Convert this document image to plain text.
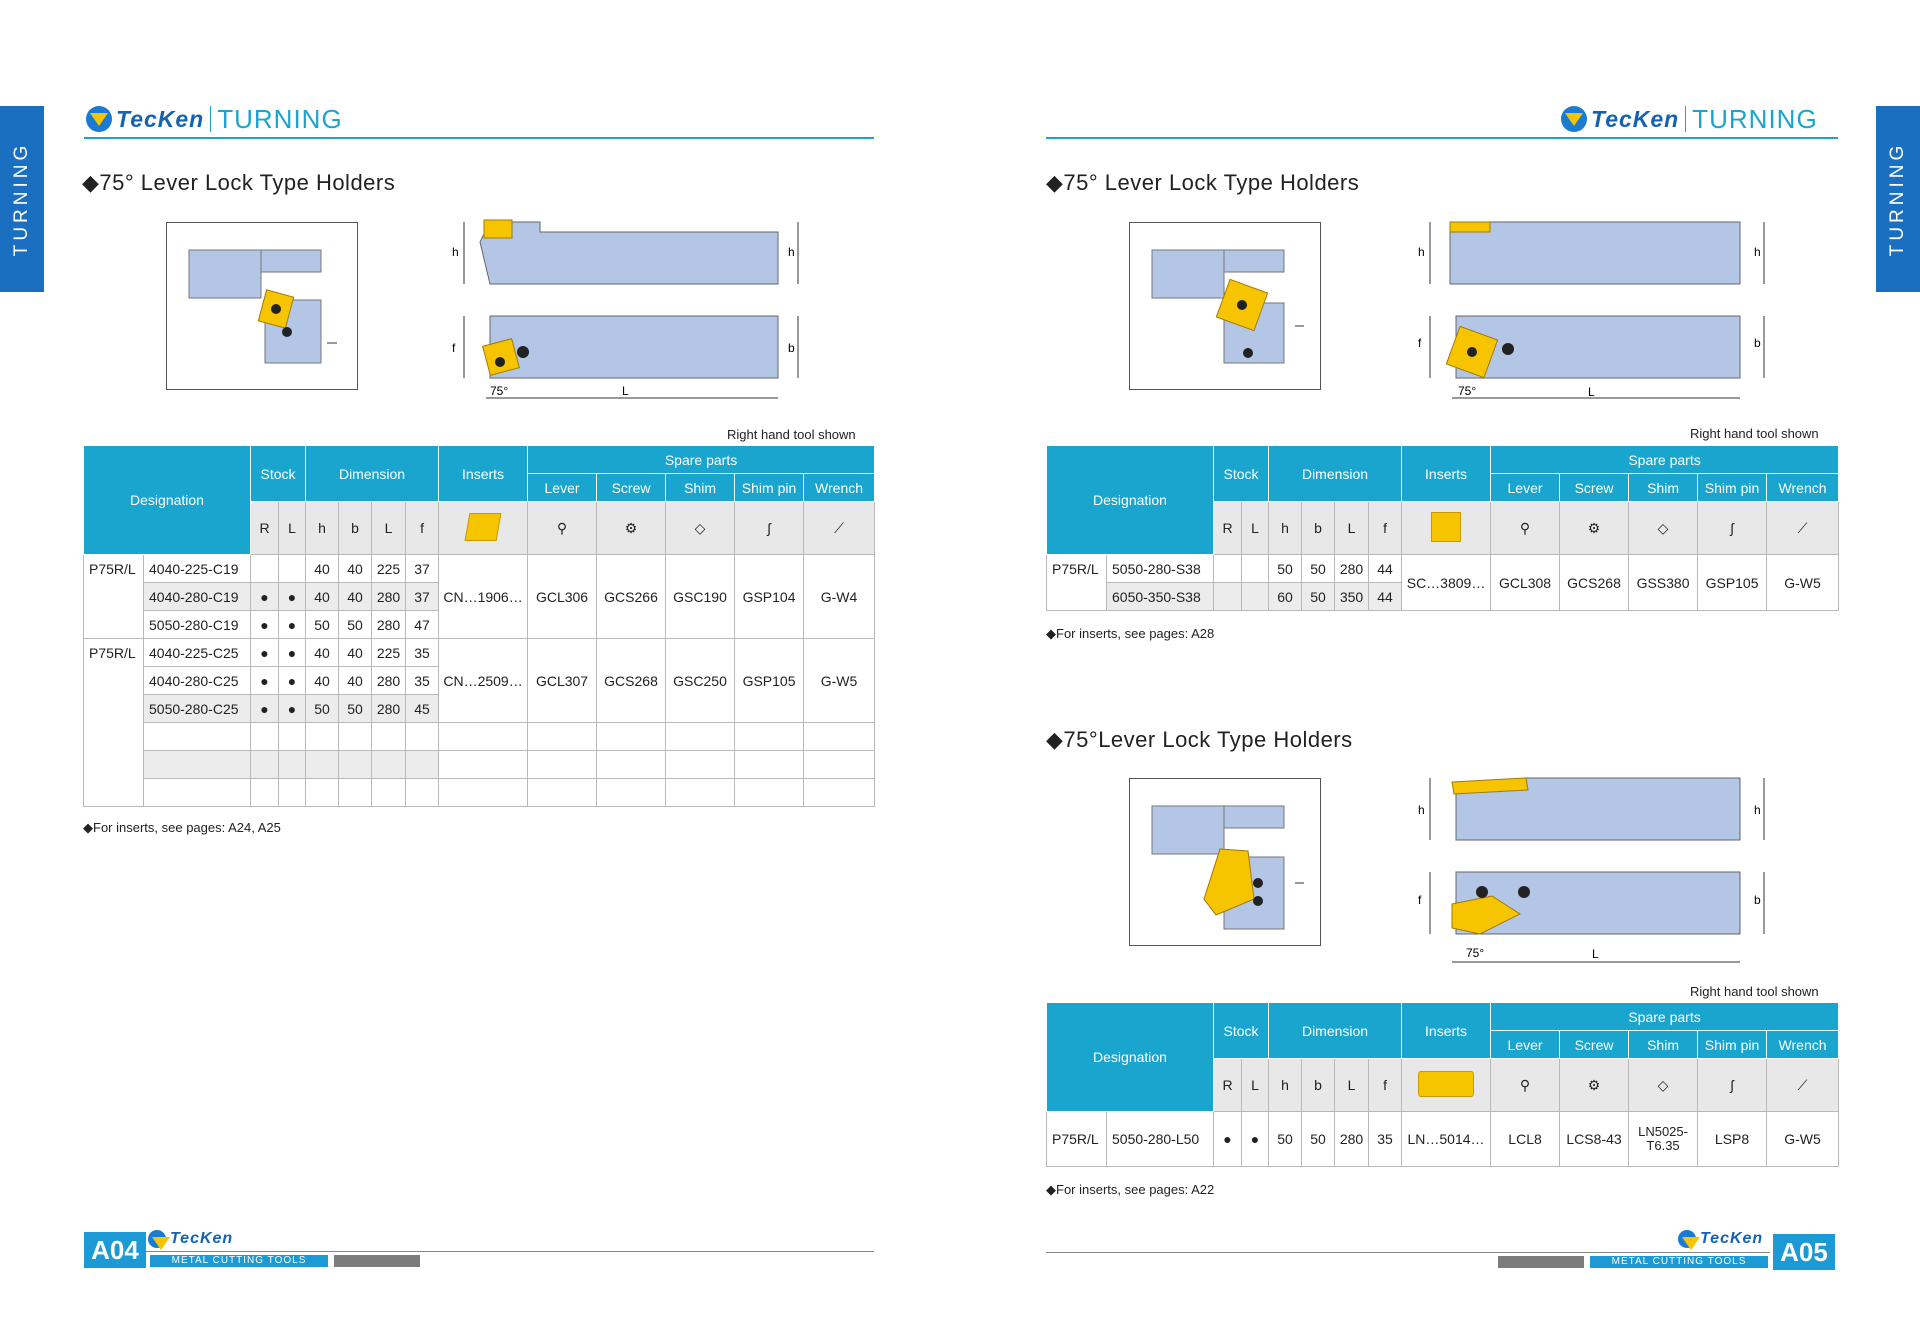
TURNING	TURNING
TecKen TURNING	TecKen TURNING
◆75° Lever Lock Type Holders
h	h
f	b
75°	L
Right hand tool shown
Designation		Stock		Dimension				Inserts	Spare parts				
									Lever	Screw	Shim	Shim pin	Wrench
		R	L	h	b	L	f		⚲	⚙	◇	ʃ	⟋
P75R/L	4040-225-C19			40	40	225	37	CN…1906…	GCL306	GCS266	GSC190	GSP104	G-W4
	4040-280-C19	●	●	40	40	280	37						
	5050-280-C19	●	●	50	50	280	47						
P75R/L	4040-225-C25	●	●	40	40	225	35	CN…2509…	GCL307	GCS268	GSC250	GSP105	G-W5
	4040-280-C25	●	●	40	40	280	35						
	5050-280-C25	●	●	50	50	280	45						

◆For inserts, see pages: A24, A25
◆75° Lever Lock Type Holders
h	h
f	b
75°	L
Right hand tool shown
Designation		Stock		Dimension				Inserts	Spare parts				
									Lever	Screw	Shim	Shim pin	Wrench
		R	L	h	b	L	f		⚲	⚙	◇	ʃ	⟋
P75R/L	5050-280-S38			50	50	280	44	SC…3809…	GCL308	GCS268	GSS380	GSP105	G-W5
	6050-350-S38			60	50	350	44						
◆For inserts, see pages: A28
◆75°Lever Lock Type Holders
h	h
f	b
75°	L
Right hand tool shown
Designation		Stock		Dimension				Inserts	Spare parts				
									Lever	Screw	Shim	Shim pin	Wrench
		R	L	h	b	L	f		⚲	⚙	◇	ʃ	⟋
P75R/L	5050-280-L50	●	●	50	50	280	35	LN…5014…	LCL8	LCS8-43	LN5025-T6.35	LSP8	G-W5
◆For inserts, see pages: A22
A04	TecKen
METAL CUTTING TOOLS	A05
TecKen
METAL CUTTING TOOLS
